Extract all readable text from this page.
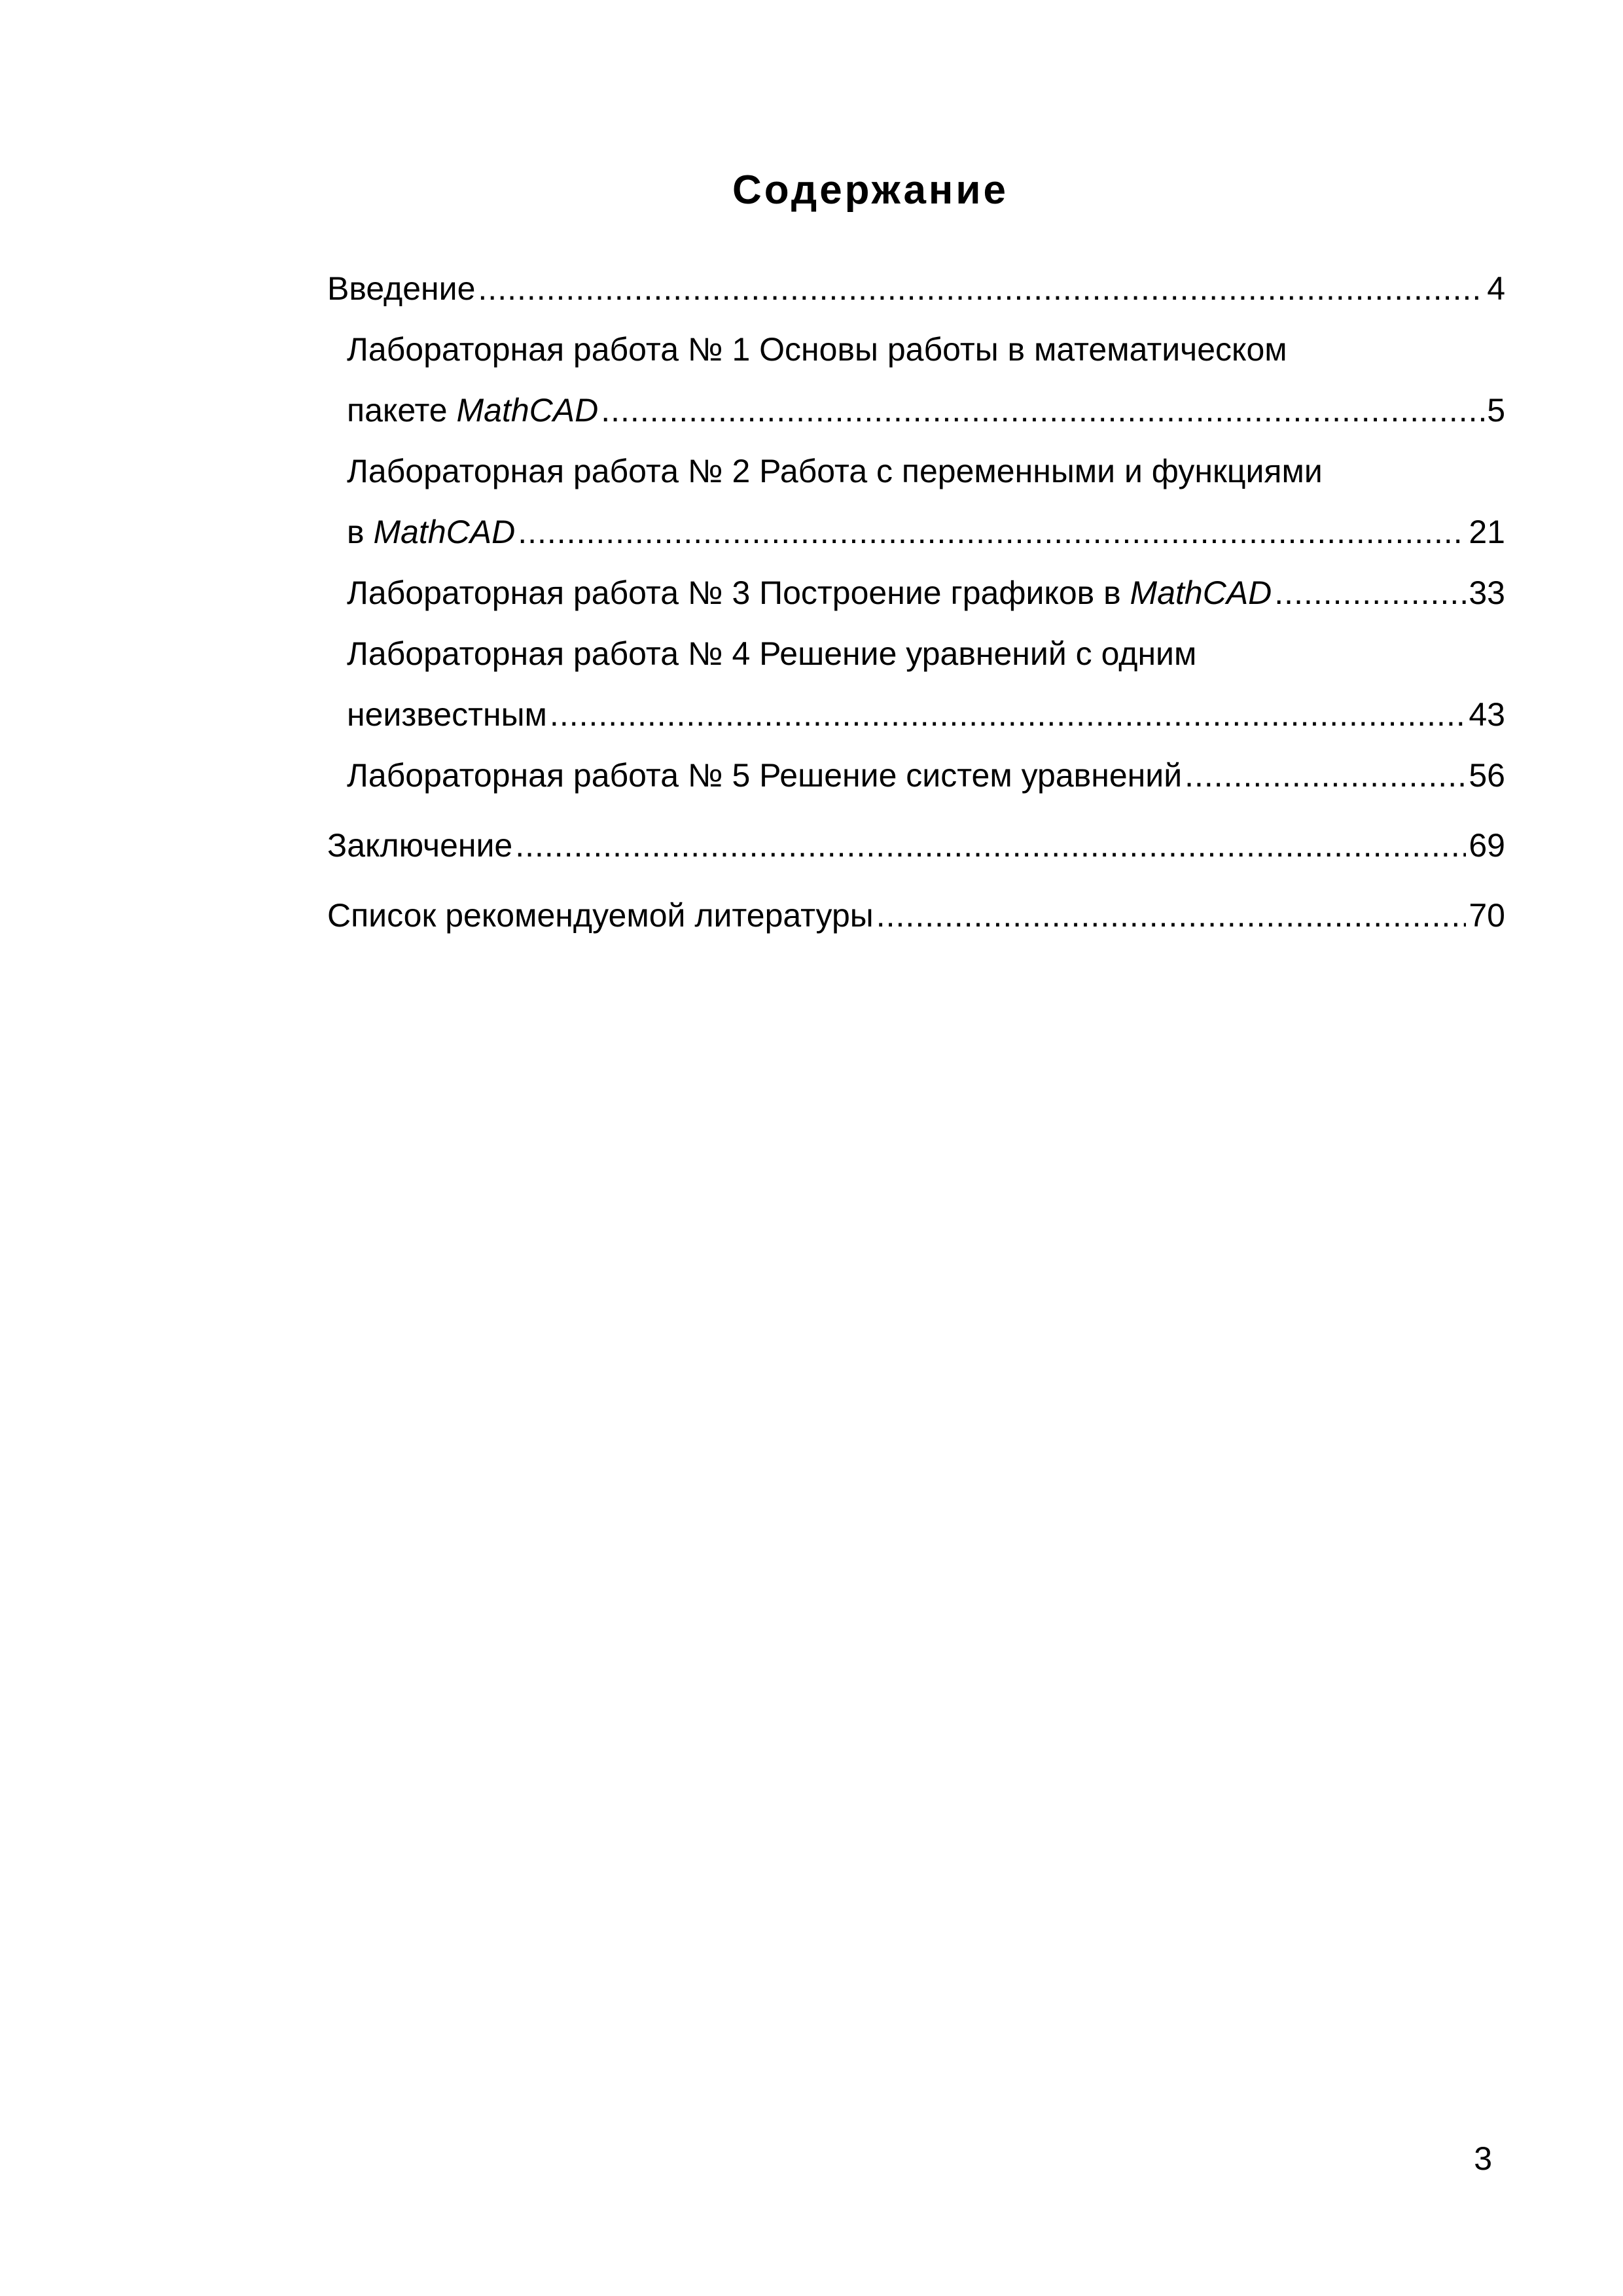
Содержание
Введение .....	4
Лабораторная работа № 1 Основы работы в математическом
пакете MathCAD .....	5
Лабораторная работа № 2 Работа с переменными и функциями
в MathCAD .....	21
Лабораторная работа № 3 Построение графиков в MathCAD .....	33
Лабораторная работа № 4 Решение уравнений с одним
неизвестным .....	43
Лабораторная работа № 5 Решение систем уравнений .....	56
Заключение .....	69
Список рекомендуемой литературы .....	70
3
